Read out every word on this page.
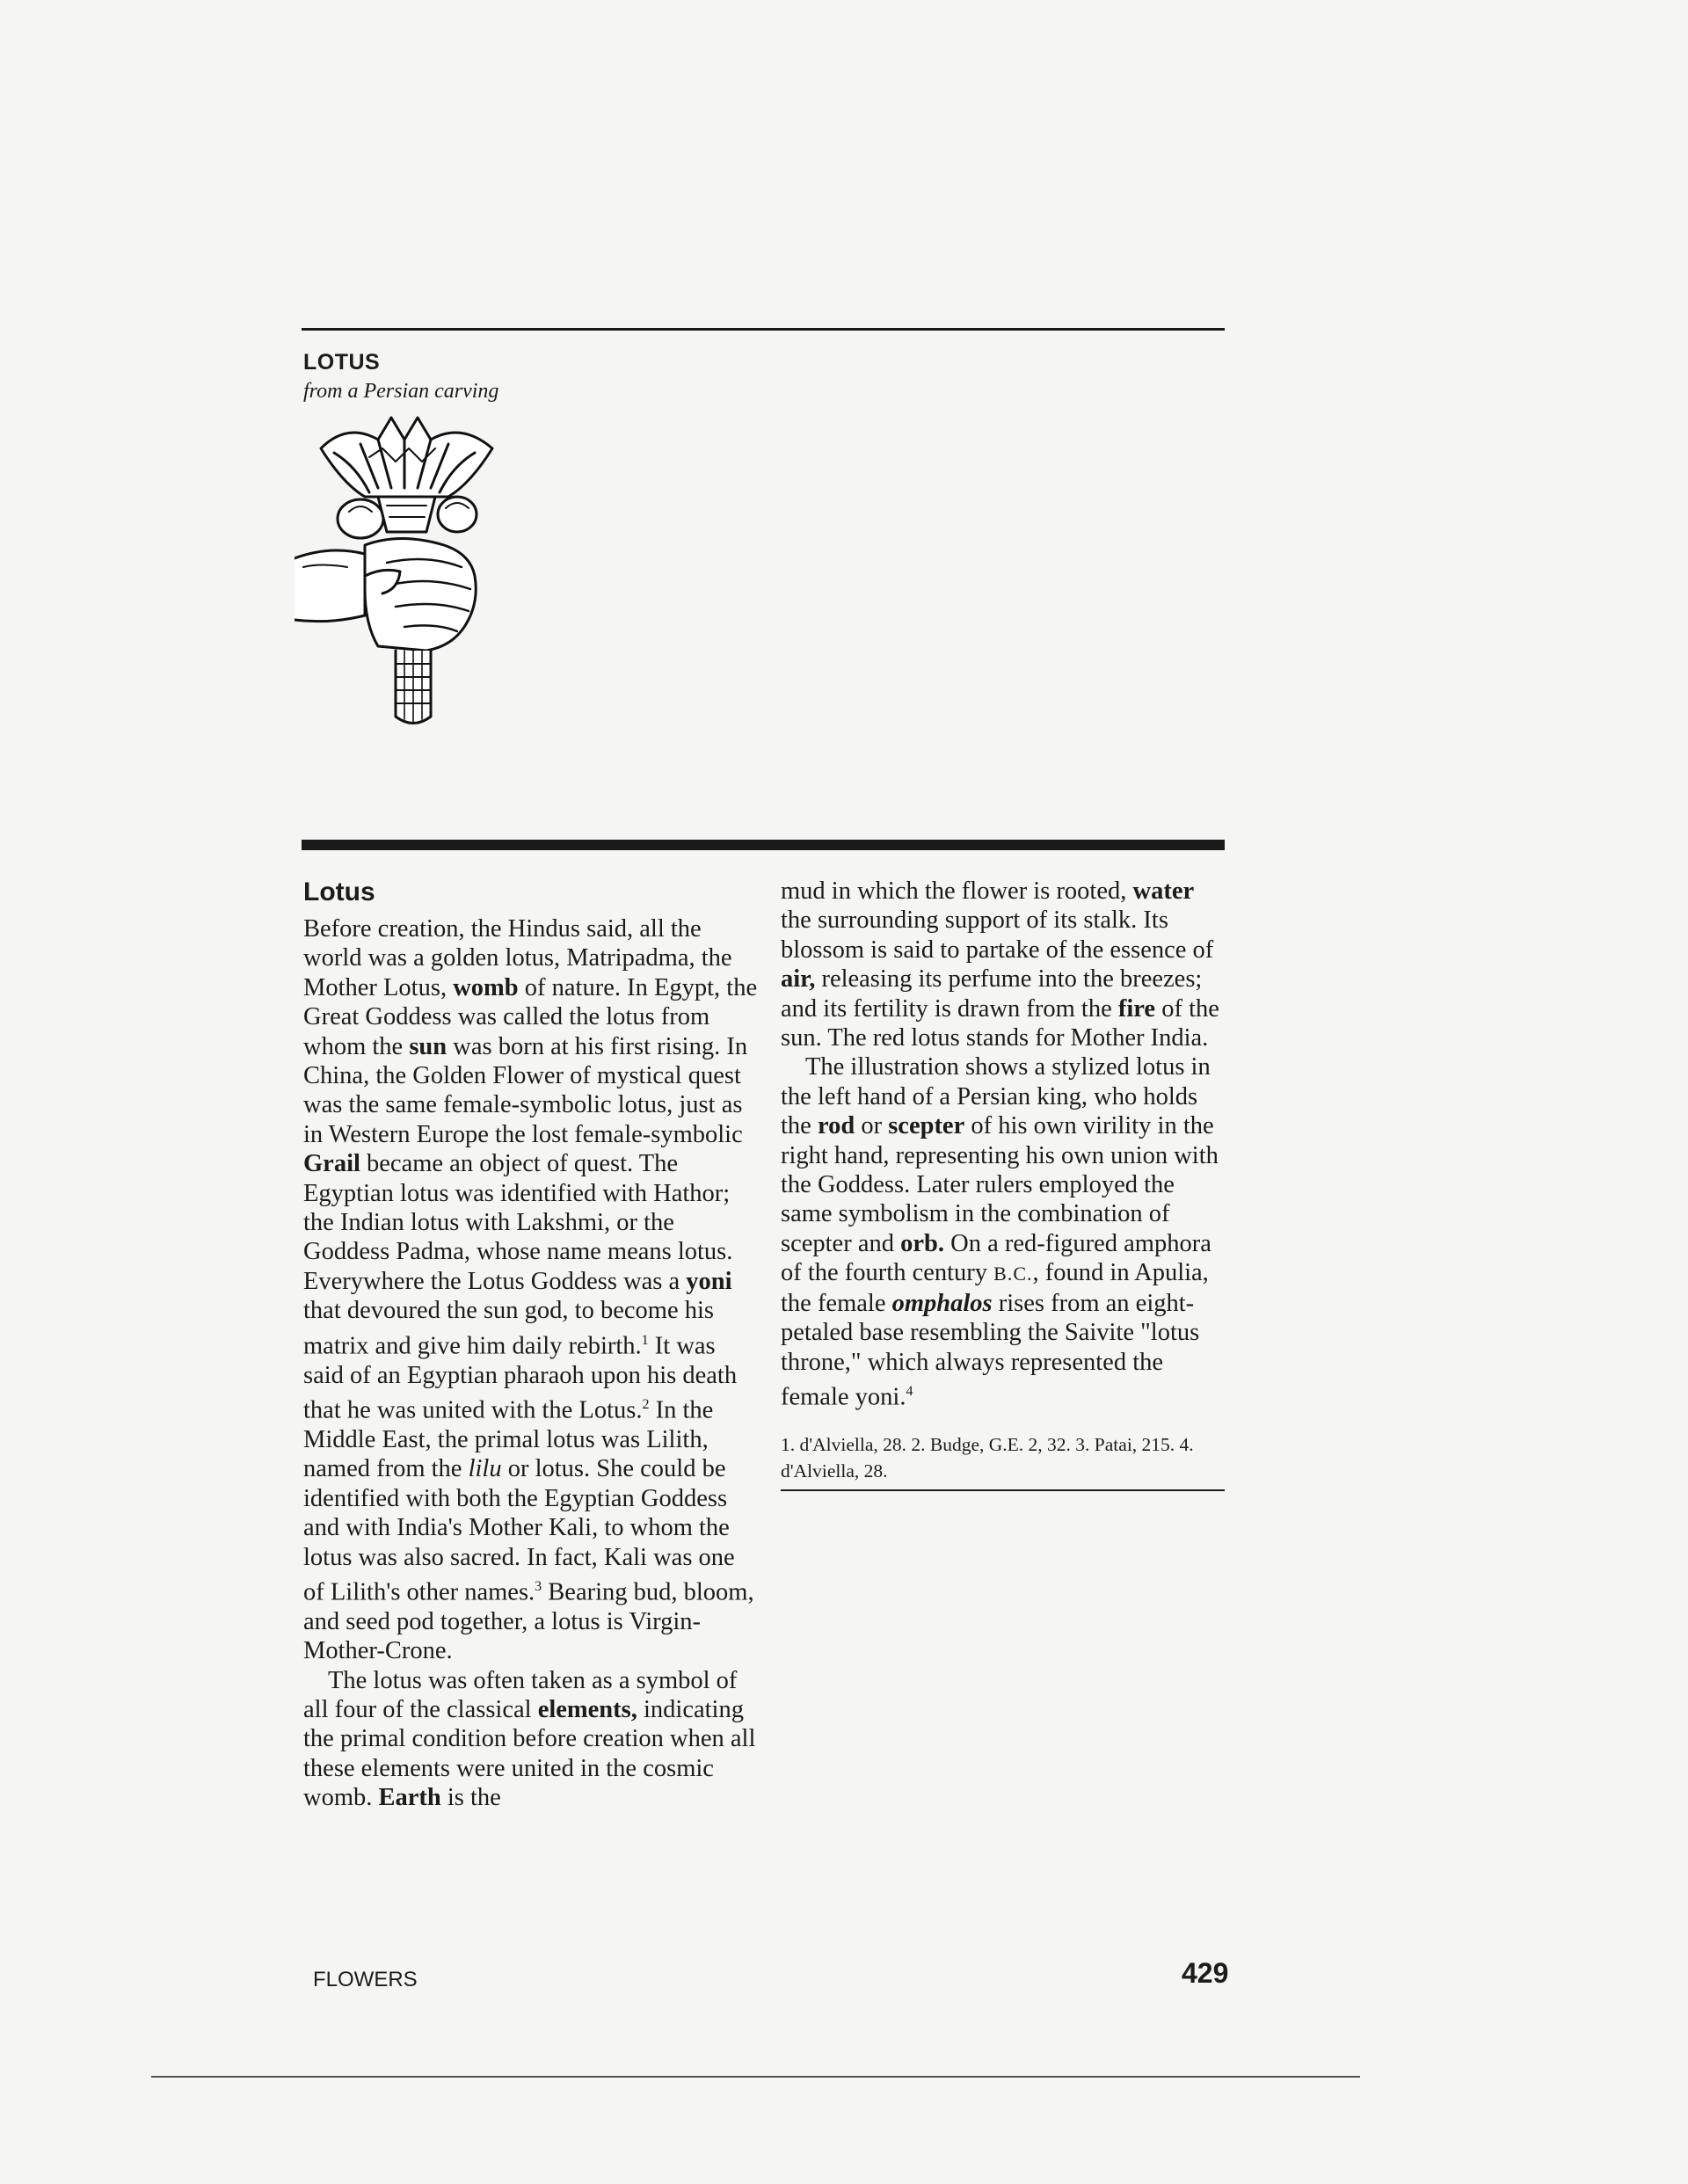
LOTUS
from a Persian carving
Lotus

Before creation, the Hindus said, all the world was a golden lotus, Matripadma, the Mother Lotus, womb of nature. In Egypt, the Great Goddess was called the lotus from whom the sun was born at his first rising. In China, the Golden Flower of mystical quest was the same female-symbolic lotus, just as in Western Europe the lost female-symbolic Grail became an object of quest. The Egyptian lotus was identified with Hathor; the Indian lotus with Lakshmi, or the Goddess Padma, whose name means lotus. Everywhere the Lotus Goddess was a yoni that devoured the sun god, to become his matrix and give him daily rebirth.$^1$ It was said of an Egyptian pharaoh upon his death that he was united with the Lotus.$^2$ In the Middle East, the primal lotus was Lilith, named from the lilu or lotus. She could be identified with both the Egyptian Goddess and with India's Mother Kali, to whom the lotus was also sacred. In fact, Kali was one of Lilith's other names.$^3$ Bearing bud, bloom, and seed pod together, a lotus is Virgin-Mother-Crone.

The lotus was often taken as a symbol of all four of the classical elements, indicating the primal condition before creation when all these elements were united in the cosmic womb. Earth is the

mud in which the flower is rooted, water the surrounding support of its stalk. Its blossom is said to partake of the essence of air, releasing its perfume into the breezes; and its fertility is drawn from the fire of the sun. The red lotus stands for Mother India.

The illustration shows a stylized lotus in the left hand of a Persian king, who holds the rod or scepter of his own virility in the right hand, representing his own union with the Goddess. Later rulers employed the same symbolism in the combination of scepter and orb. On a red-figured amphora of the fourth century B.C., found in Apulia, the female omphalos rises from an eight-petaled base resembling the Saivite "lotus throne," which always represented the female yoni.$^4$

1. d'Alviella, 28. 2. Budge, G.E. 2, 32. 3. Patai, 215. 4. d'Alviella, 28.
FLOWERS	429
